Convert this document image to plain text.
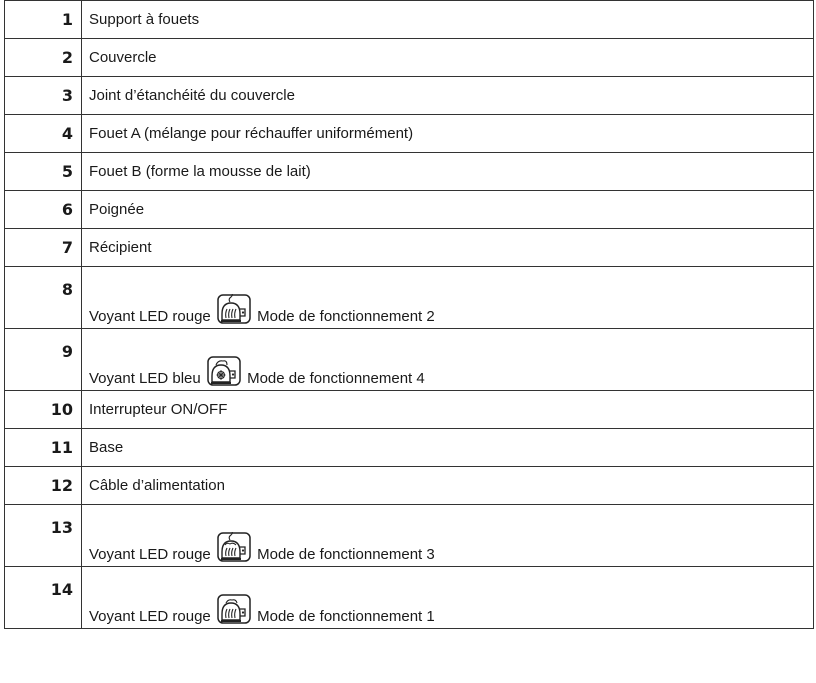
1	Support à fouets
2	Couvercle
3	Joint d’étanchéité du couvercle
4	Fouet A (mélange pour réchauffer uniformément)
5	Fouet B (forme la mousse de lait)
6	Poignée
7	Récipient
8	Voyant LED rouge Mode de fonctionnement 2
9	Voyant LED bleu Mode de fonctionnement 4
10	Interrupteur ON/OFF
11	Base
12	Câble d’alimentation
13	Voyant LED rouge Mode de fonctionnement 3
14	Voyant LED rouge Mode de fonctionnement 1
